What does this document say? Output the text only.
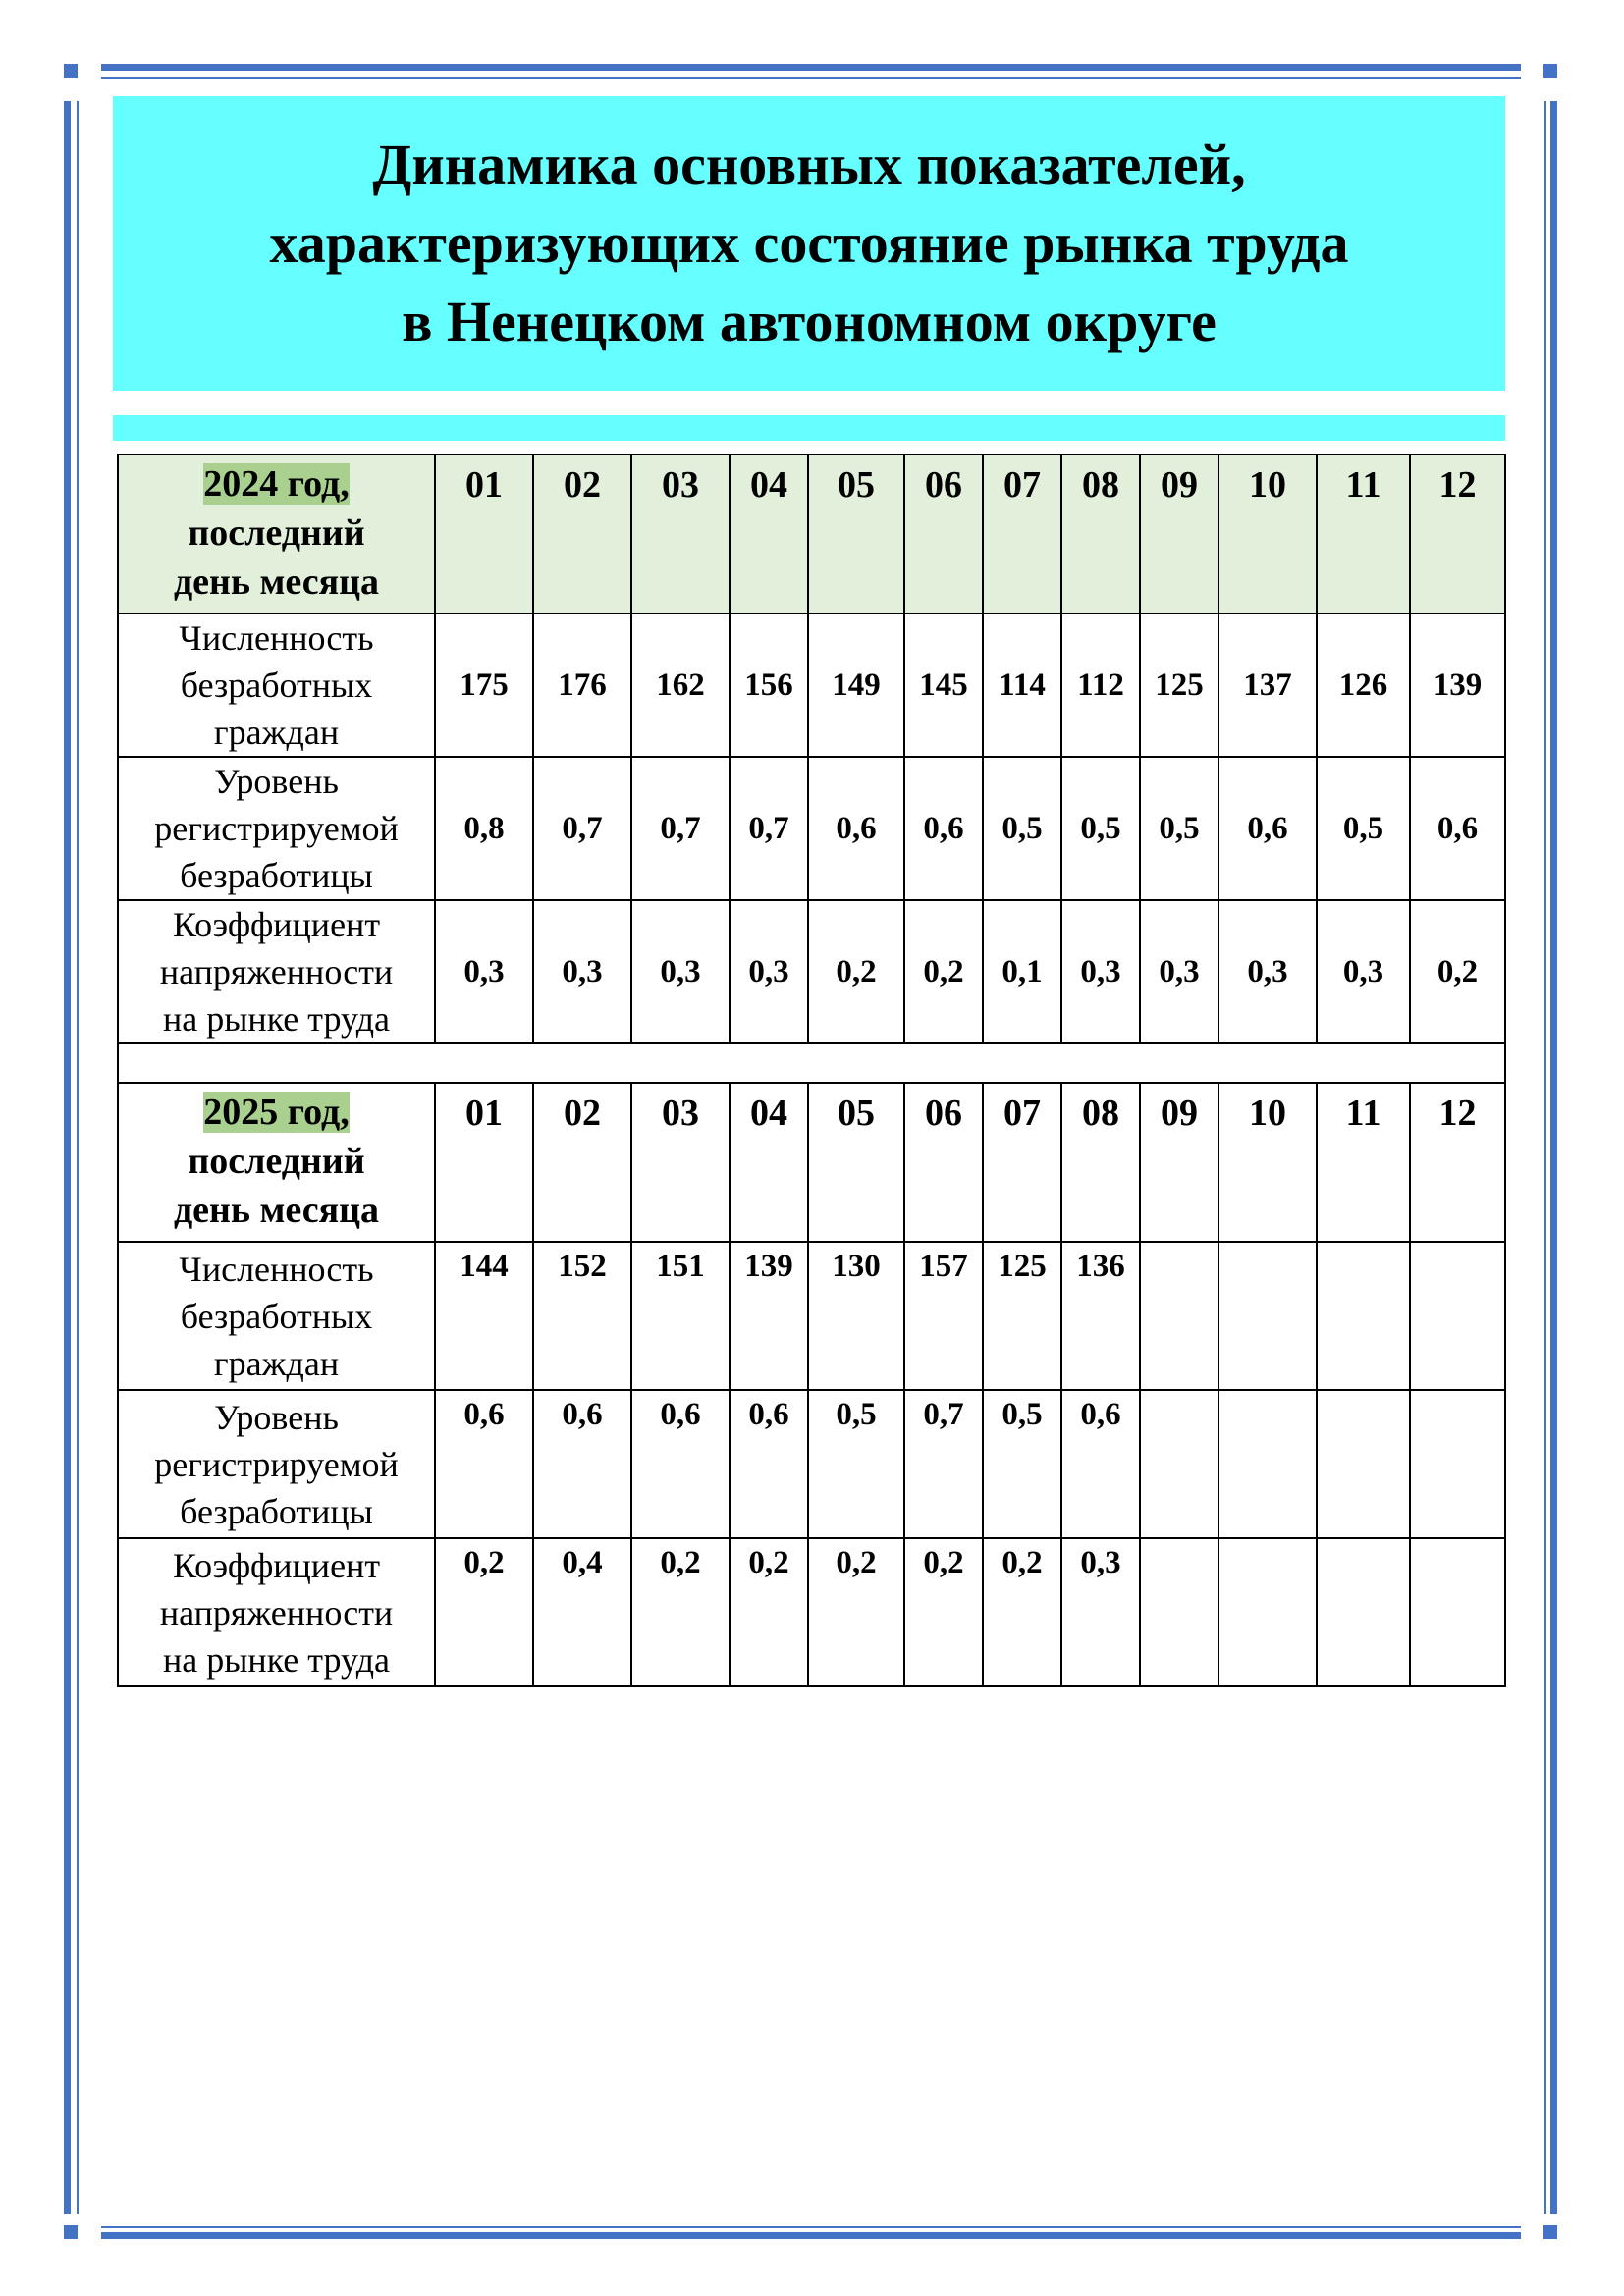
Динамика основных показателей,
характеризующих состояние рынка труда
в Ненецком автономном округе
2024 год,
последний
день месяца	01	02	03	04	05	06	07	08	09	10	11	12

Численность
безработных
граждан	175	176	162	156	149	145	114	112	125	137	126	139

Уровень
регистрируемой
безработицы	0,8	0,7	0,7	0,7	0,6	0,6	0,5	0,5	0,5	0,6	0,5	0,6

Коэффициент
напряженности
на рынке труда	0,3	0,3	0,3	0,3	0,2	0,2	0,1	0,3	0,3	0,3	0,3	0,2

2025 год,
последний
день месяца	01	02	03	04	05	06	07	08	09	10	11	12

Численность
безработных
граждан	144	152	151	139	130	157	125	136				

Уровень
регистрируемой
безработицы	0,6	0,6	0,6	0,6	0,5	0,7	0,5	0,6				

Коэффициент
напряженности
на рынке труда	0,2	0,4	0,2	0,2	0,2	0,2	0,2	0,3				
